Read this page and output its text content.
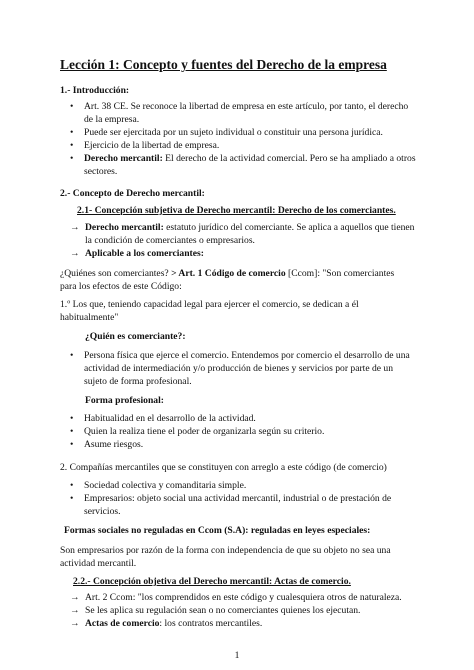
Lección 1: Concepto y fuentes del Derecho de la empresa
1.- Introducción:
• Art. 38 CE. Se reconoce la libertad de empresa en este artículo, por tanto, el derecho
de la empresa.
• Puede ser ejercitada por un sujeto individual o constituir una persona jurídica.
• Ejercicio de la libertad de empresa.
• Derecho mercantil: El derecho de la actividad comercial. Pero se ha ampliado a otros
sectores.
2.- Concepto de Derecho mercantil:
2.1- Concepción subjetiva de Derecho mercantil: Derecho de los comerciantes.
→ Derecho mercantil: estatuto jurídico del comerciante. Se aplica a aquellos que tienen
la condición de comerciantes o empresarios.
→ Aplicable a los comerciantes:
¿Quiénes son comerciantes? > Art. 1 Código de comercio [Ccom]: "Son comerciantes
para los efectos de este Código:
1.º Los que, teniendo capacidad legal para ejercer el comercio, se dedican a él
habitualmente"
¿Quién es comerciante?:
• Persona física que ejerce el comercio. Entendemos por comercio el desarrollo de una
actividad de intermediación y/o producción de bienes y servicios por parte de un
sujeto de forma profesional.
Forma profesional:
• Habitualidad en el desarrollo de la actividad.
• Quien la realiza tiene el poder de organizarla según su criterio.
• Asume riesgos.
2. Compañías mercantiles que se constituyen con arreglo a este código (de comercio)
• Sociedad colectiva y comanditaria simple.
• Empresarios: objeto social una actividad mercantil, industrial o de prestación de
servicios.
Formas sociales no reguladas en Ccom (S.A): reguladas en leyes especiales:
Son empresarios por razón de la forma con independencia de que su objeto no sea una
actividad mercantil.
2.2.- Concepción objetiva del Derecho mercantil: Actas de comercio.
→ Art. 2 Ccom: "los comprendidos en este código y cualesquiera otros de naturaleza.
→ Se les aplica su regulación sean o no comerciantes quienes los ejecutan.
→ Actas de comercio: los contratos mercantiles.
1
